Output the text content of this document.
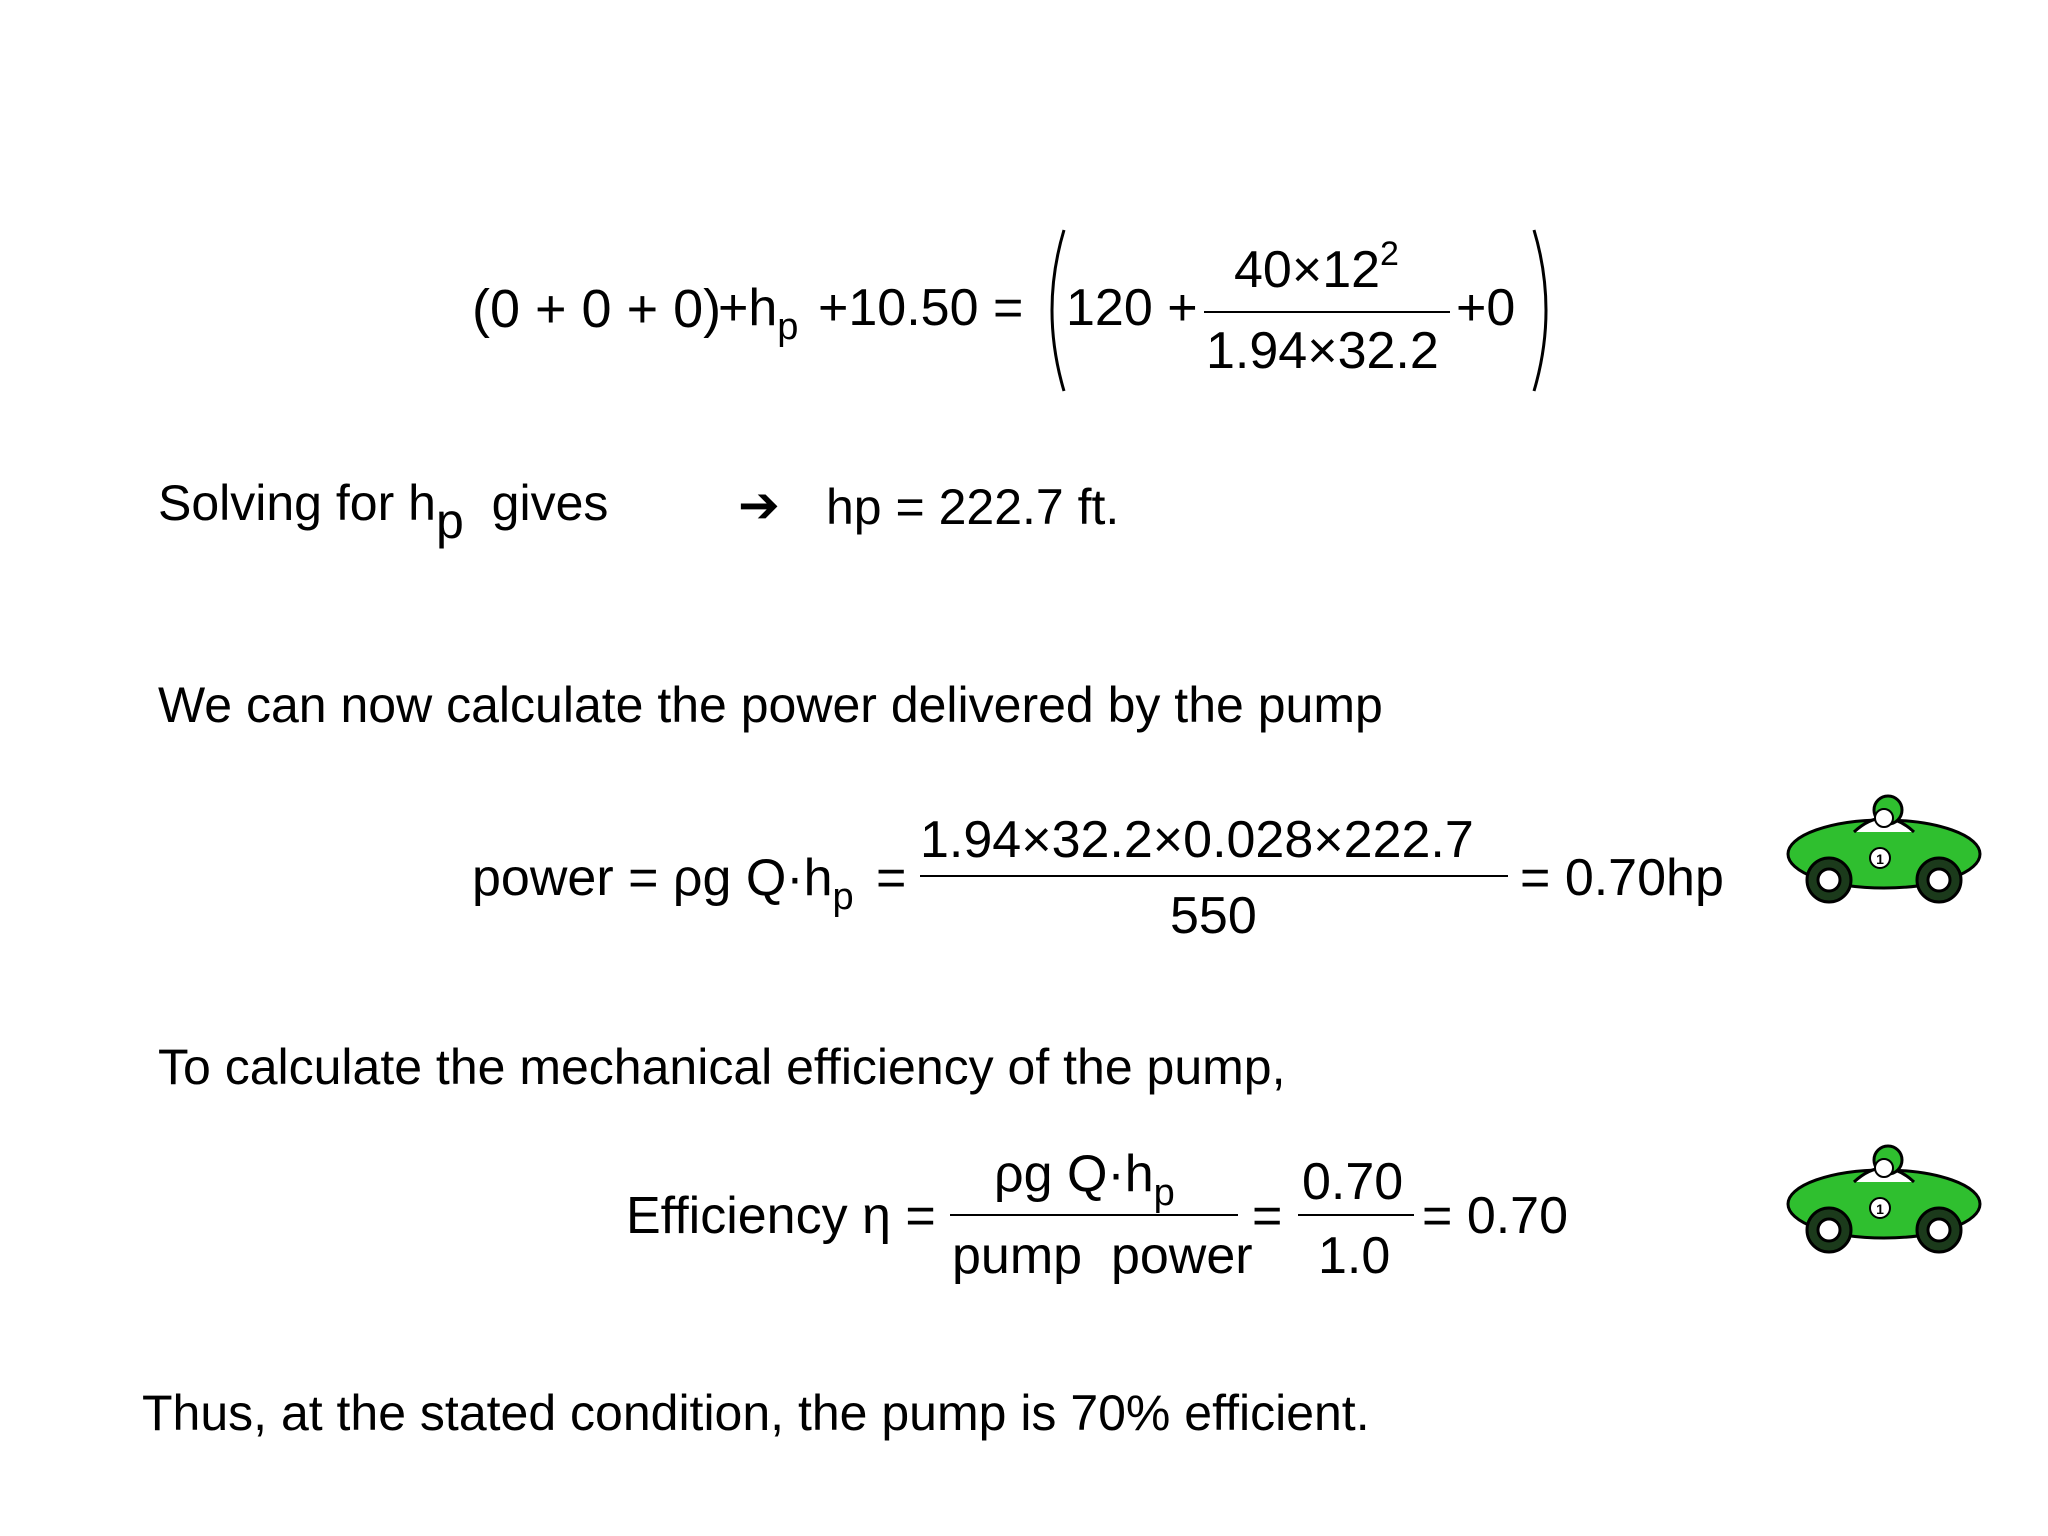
(0 + 0 + 0)
$+h_p +10.50 = 120$ +
$40\times 12^2$
1.94×32.2
+0
Solving for hp gives	➔ hp = 222.7 ft.
We can now calculate the power delivered by the pump
power = ρg $Q\cdot h_p$ =
1.94×32.2×0.028×222.7
550
= 0.70hp	1
To calculate the mechanical efficiency of the pump,
Efficiency η =
ρg $Q\cdot h_p$
pump  power
=
0.70
1.0
= 0.70	1
Thus, at the stated condition, the pump is 70% efficient.
